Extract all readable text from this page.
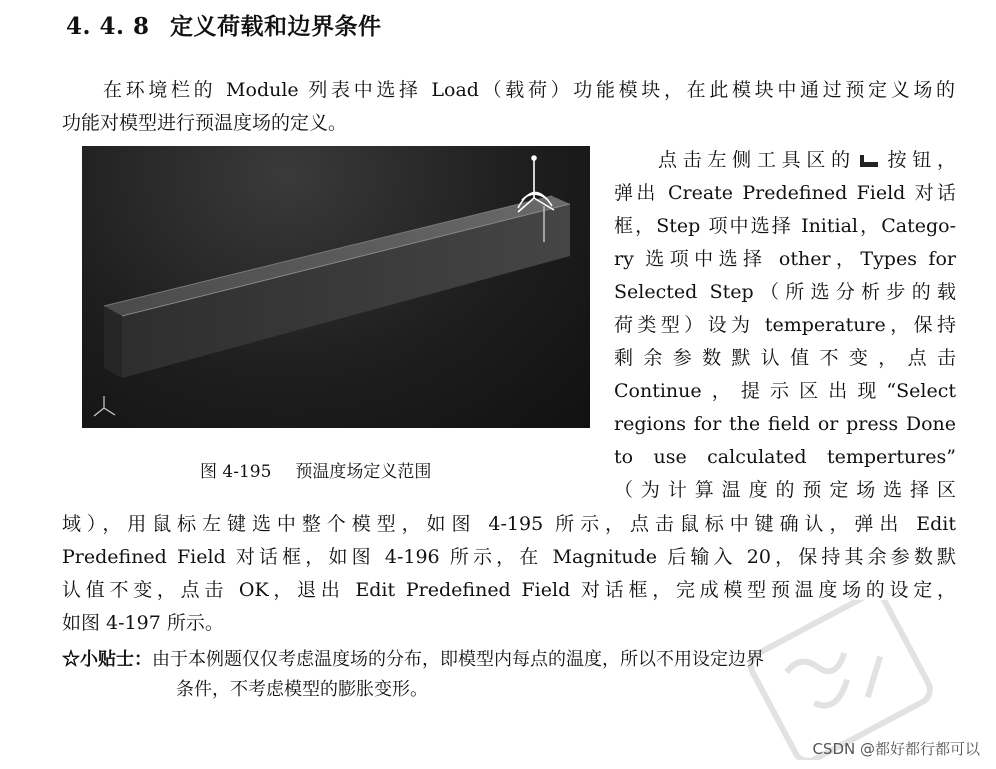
4. 4. 8 定义荷载和边界条件
在环境栏的 Module 列表中选择 Load（载荷）功能模块，在此模块中通过预定义场的
功能对模型进行预温度场的定义。
图 4-195 预温度场定义范围
点击左侧工具区的 按钮，
弹出 Create Predefined Field 对话
框，Step 项中选择 Initial，Catego-
ry 选项中选择 other，Types for
Selected Step（所选分析步的载
荷类型）设为 temperature，保持
剩余参数默认值不变，点击
Continue，提示区出现“Select
regions for the field or press Done
to use calculated tempertures”
（为计算温度的预定场选择区
域），用鼠标左键选中整个模型，如图 4-195 所示，点击鼠标中键确认，弹出 Edit
Predefined Field 对话框，如图 4-196 所示，在 Magnitude 后输入 20，保持其余参数默
认值不变，点击 OK，退出 Edit Predefined Field 对话框，完成模型预温度场的设定，
如图 4-197 所示。
☆小贴士：由于本例题仅仅考虑温度场的分布，即模型内每点的温度，所以不用设定边界
条件，不考虑模型的膨胀变形。
CSDN @都好都行都可以
